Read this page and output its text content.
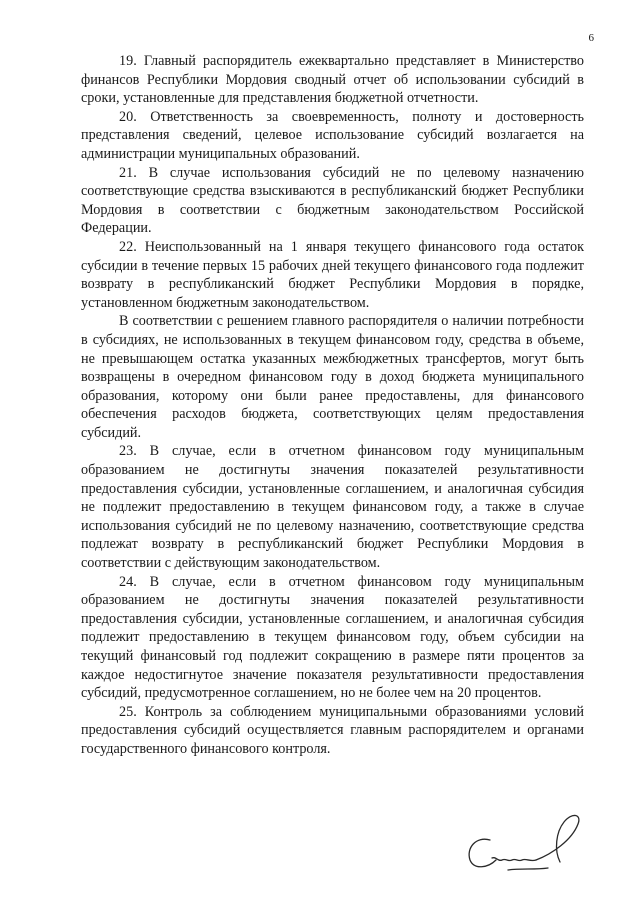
6

19. Главный распорядитель ежеквартально представляет в Министерство финансов Республики Мордовия сводный отчет об использовании субсидий в сроки, установленные для представления бюджетной отчетности.

20. Ответственность за своевременность, полноту и достоверность представления сведений, целевое использование субсидий возлагается на администрации муниципальных образований.

21. В случае использования субсидий не по целевому назначению соответствующие средства взыскиваются в республиканский бюджет Республики Мордовия в соответствии с бюджетным законодательством Российской Федерации.

22. Неиспользованный на 1 января текущего финансового года остаток субсидии в течение первых 15 рабочих дней текущего финансового года подлежит возврату в республиканский бюджет Республики Мордовия в порядке, установленном бюджетным законодательством.

В соответствии с решением главного распорядителя о наличии потребности в субсидиях, не использованных в текущем финансовом году, средства в объеме, не превышающем остатка указанных межбюджетных трансфертов, могут быть возвращены в очередном финансовом году в доход бюджета муниципального образования, которому они были ранее предоставлены, для финансового обеспечения расходов бюджета, соответствующих целям предоставления субсидий.

23. В случае, если в отчетном финансовом году муниципальным образованием не достигнуты значения показателей результативности предоставления субсидии, установленные соглашением, и аналогичная субсидия не подлежит предоставлению в текущем финансовом году, а также в случае использования субсидий не по целевому назначению, соответствующие средства подлежат возврату в республиканский бюджет Республики Мордовия в соответствии с действующим законодательством.

24. В случае, если в отчетном финансовом году муниципальным образованием не достигнуты значения показателей результативности предоставления субсидии, установленные соглашением, и аналогичная субсидия подлежит предоставлению в текущем финансовом году, объем субсидии на текущий финансовый год подлежит сокращению в размере пяти процентов за каждое недостигнутое значение показателя результативности предоставления субсидий, предусмотренное соглашением, но не более чем на 20 процентов.

25. Контроль за соблюдением муниципальными образованиями условий предоставления субсидий осуществляется главным распорядителем и органами государственного финансового контроля.
